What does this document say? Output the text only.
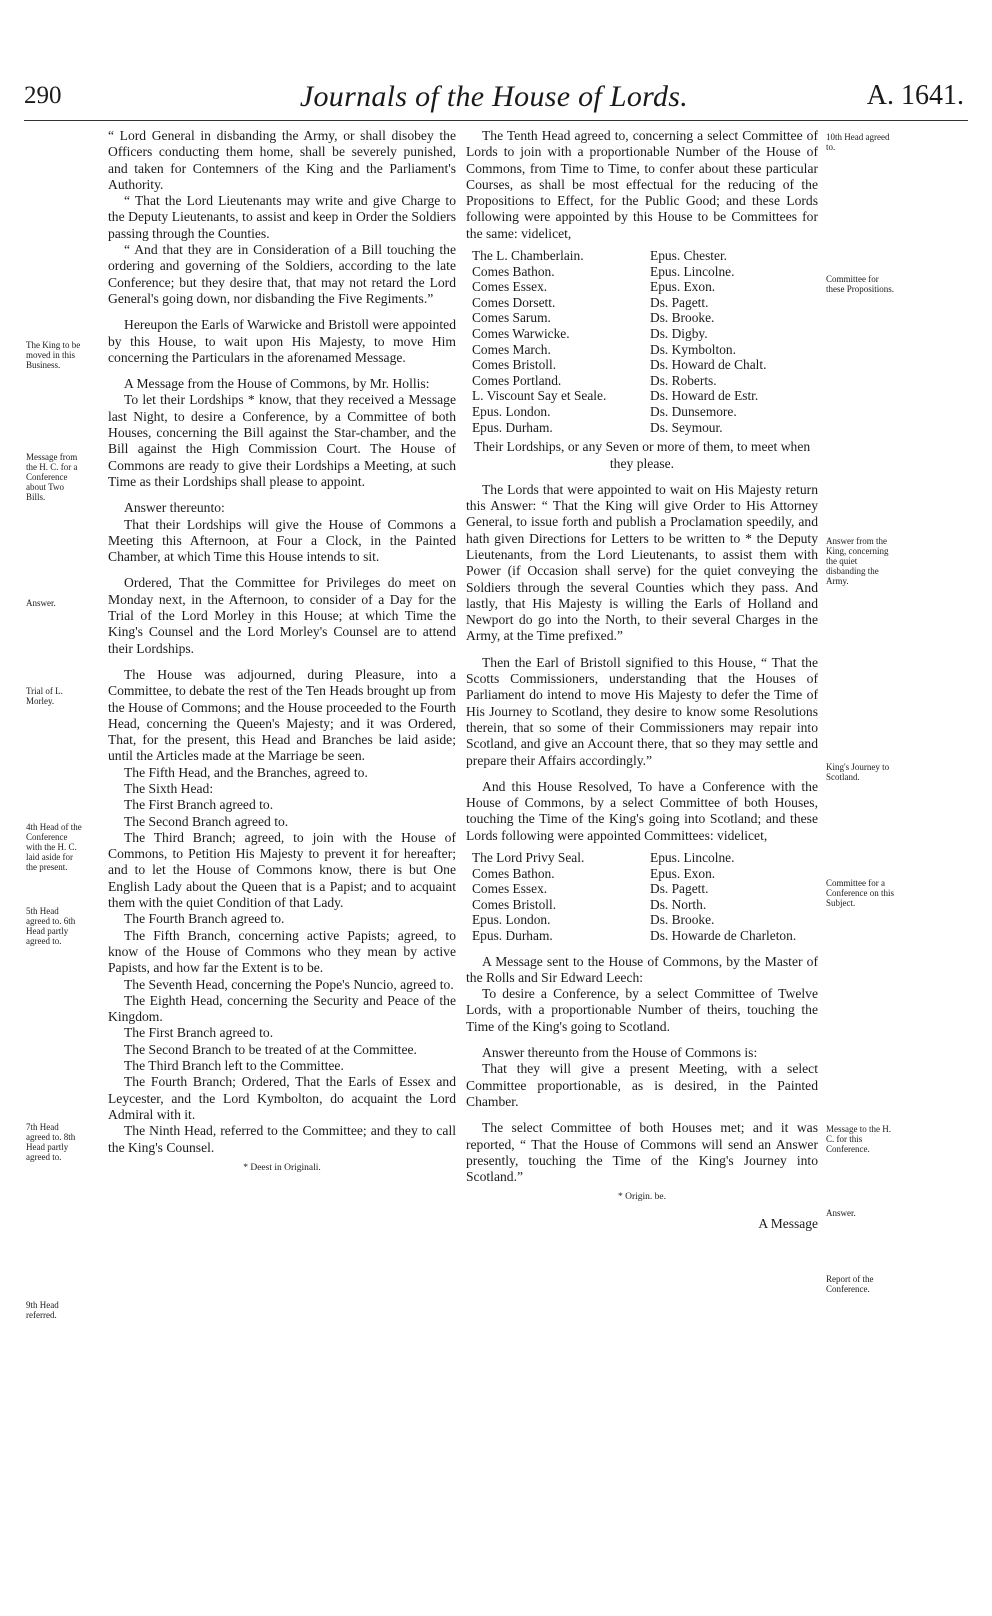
290	Journals of the House of Lords.	A. 1641.

“ Lord General in disbanding the Army, or shall disobey the Officers conducting them home, shall be severely punished, and taken for Contemners of the King and the Parliament's Authority.

“ That the Lord Lieutenants may write and give Charge to the Deputy Lieutenants, to assist and keep in Order the Soldiers passing through the Counties.

“ And that they are in Consideration of a Bill touching the ordering and governing of the Soldiers, according to the late Conference; but they desire that, that may not retard the Lord General's going down, nor disbanding the Five Regiments.”

Hereupon the Earls of Warwicke and Bristoll were appointed by this House, to wait upon His Majesty, to move Him concerning the Particulars in the aforenamed Message.

A Message from the House of Commons, by Mr. Hollis:

To let their Lordships * know, that they received a Message last Night, to desire a Conference, by a Committee of both Houses, concerning the Bill against the Star-chamber, and the Bill against the High Commission Court. The House of Commons are ready to give their Lordships a Meeting, at such Time as their Lordships shall please to appoint.

Answer thereunto:

That their Lordships will give the House of Commons a Meeting this Afternoon, at Four a Clock, in the Painted Chamber, at which Time this House intends to sit.

Ordered, That the Committee for Privileges do meet on Monday next, in the Afternoon, to consider of a Day for the Trial of the Lord Morley in this House; at which Time the King's Counsel and the Lord Morley's Counsel are to attend their Lordships.

The House was adjourned, during Pleasure, into a Committee, to debate the rest of the Ten Heads brought up from the House of Commons; and the House proceeded to the Fourth Head, concerning the Queen's Majesty; and it was Ordered, That, for the present, this Head and Branches be laid aside; until the Articles made at the Marriage be seen.

The Fifth Head, and the Branches, agreed to.

The Sixth Head:

The First Branch agreed to.

The Second Branch agreed to.

The Third Branch; agreed, to join with the House of Commons, to Petition His Majesty to prevent it for hereafter; and to let the House of Commons know, there is but One English Lady about the Queen that is a Papist; and to acquaint them with the quiet Condition of that Lady.

The Fourth Branch agreed to.

The Fifth Branch, concerning active Papists; agreed, to know of the House of Commons who they mean by active Papists, and how far the Extent is to be.

The Seventh Head, concerning the Pope's Nuncio, agreed to.

The Eighth Head, concerning the Security and Peace of the Kingdom.

The First Branch agreed to.

The Second Branch to be treated of at the Committee.

The Third Branch left to the Committee.

The Fourth Branch; Ordered, That the Earls of Essex and Leycester, and the Lord Kymbolton, do acquaint the Lord Admiral with it.

The Ninth Head, referred to the Committee; and they to call the King's Counsel.

* Deest in Originali.
The King to be moved in this Business.
Message from the H. C. for a Conference about Two Bills.
Answer.
Trial of L. Morley.
4th Head of the Conference with the H. C. laid aside for the present.
5th Head agreed to. 6th Head partly agreed to.
7th Head agreed to. 8th Head partly agreed to.
9th Head referred.

The Tenth Head agreed to, concerning a select Committee of Lords to join with a proportionable Number of the House of Commons, from Time to Time, to confer about these particular Courses, as shall be most effectual for the reducing of the Propositions to Effect, for the Public Good; and these Lords following were appointed by this House to be Committees for the same: videlicet,

The L. Chamberlain.
Comes Bathon.
Comes Essex.
Comes Dorsett.
Comes Sarum.
Comes Warwicke.
Comes March.
Comes Bristoll.
Comes Portland.
L. Viscount Say et Seale.
Epus. London.
Epus. Durham.
Epus. Chester.
Epus. Lincolne.
Epus. Exon.
Ds. Pagett.
Ds. Brooke.
Ds. Digby.
Ds. Kymbolton.
Ds. Howard de Chalt.
Ds. Roberts.
Ds. Howard de Estr.
Ds. Dunsemore.
Ds. Seymour.

Their Lordships, or any Seven or more of them, to meet when they please.

The Lords that were appointed to wait on His Majesty return this Answer: “ That the King will give Order to His Attorney General, to issue forth and publish a Proclamation speedily, and hath given Directions for Letters to be written to * the Deputy Lieutenants, from the Lord Lieutenants, to assist them with Power (if Occasion shall serve) for the quiet conveying the Soldiers through the several Counties which they pass. And lastly, that His Majesty is willing the Earls of Holland and Newport do go into the North, to their several Charges in the Army, at the Time prefixed.”

Then the Earl of Bristoll signified to this House, “ That the Scotts Commissioners, understanding that the Houses of Parliament do intend to move His Majesty to defer the Time of His Journey to Scotland, they desire to know some Resolutions therein, that so some of their Commissioners may repair into Scotland, and give an Account there, that so they may settle and prepare their Affairs accordingly.”

And this House Resolved, To have a Conference with the House of Commons, by a select Committee of both Houses, touching the Time of the King's going into Scotland; and these Lords following were appointed Committees: videlicet,

The Lord Privy Seal.
Comes Bathon.
Comes Essex.
Comes Bristoll.
Epus. London.
Epus. Durham.
Epus. Lincolne.
Epus. Exon.
Ds. Pagett.
Ds. North.
Ds. Brooke.
Ds. Howarde de Charleton.

A Message sent to the House of Commons, by the Master of the Rolls and Sir Edward Leech:

To desire a Conference, by a select Committee of Twelve Lords, with a proportionable Number of theirs, touching the Time of the King's going to Scotland.

Answer thereunto from the House of Commons is:

That they will give a present Meeting, with a select Committee proportionable, as is desired, in the Painted Chamber.

The select Committee of both Houses met; and it was reported, “ That the House of Commons will send an Answer presently, touching the Time of the King's Journey into Scotland.”

* Origin. be.
A Message
10th Head agreed to.
Committee for these Propositions.
Answer from the King, concerning the quiet disbanding the Army.
King's Journey to Scotland.
Committee for a Conference on this Subject.
Message to the H. C. for this Conference.
Answer.
Report of the Conference.
